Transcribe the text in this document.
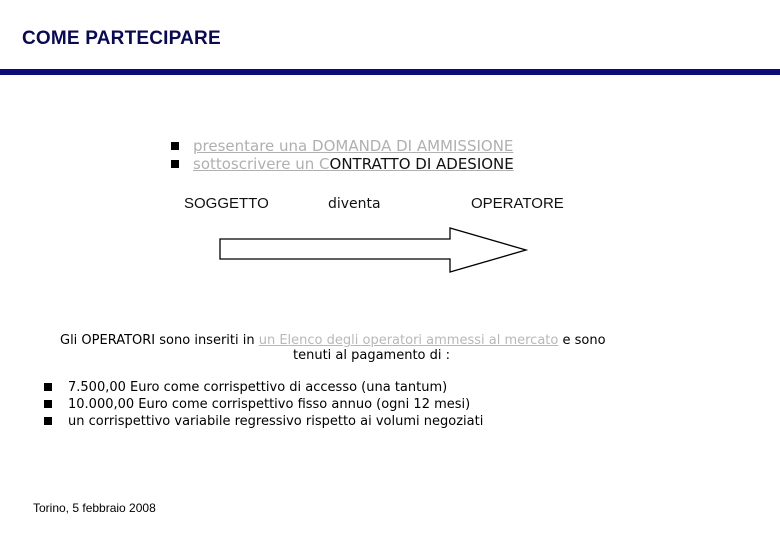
COME PARTECIPARE
presentare una DOMANDA DI AMMISSIONE
sottoscrivere un CONTRATTO DI ADESIONE
SOGGETTO	diventa	OPERATORE
Gli OPERATORI sono inseriti in un Elenco degli operatori ammessi al mercato e sono
tenuti al pagamento di :
7.500,00 Euro come corrispettivo di accesso (una tantum)
10.000,00 Euro come corrispettivo fisso annuo (ogni 12 mesi)
un corrispettivo variabile regressivo rispetto ai volumi negoziati
Torino, 5 febbraio 2008
